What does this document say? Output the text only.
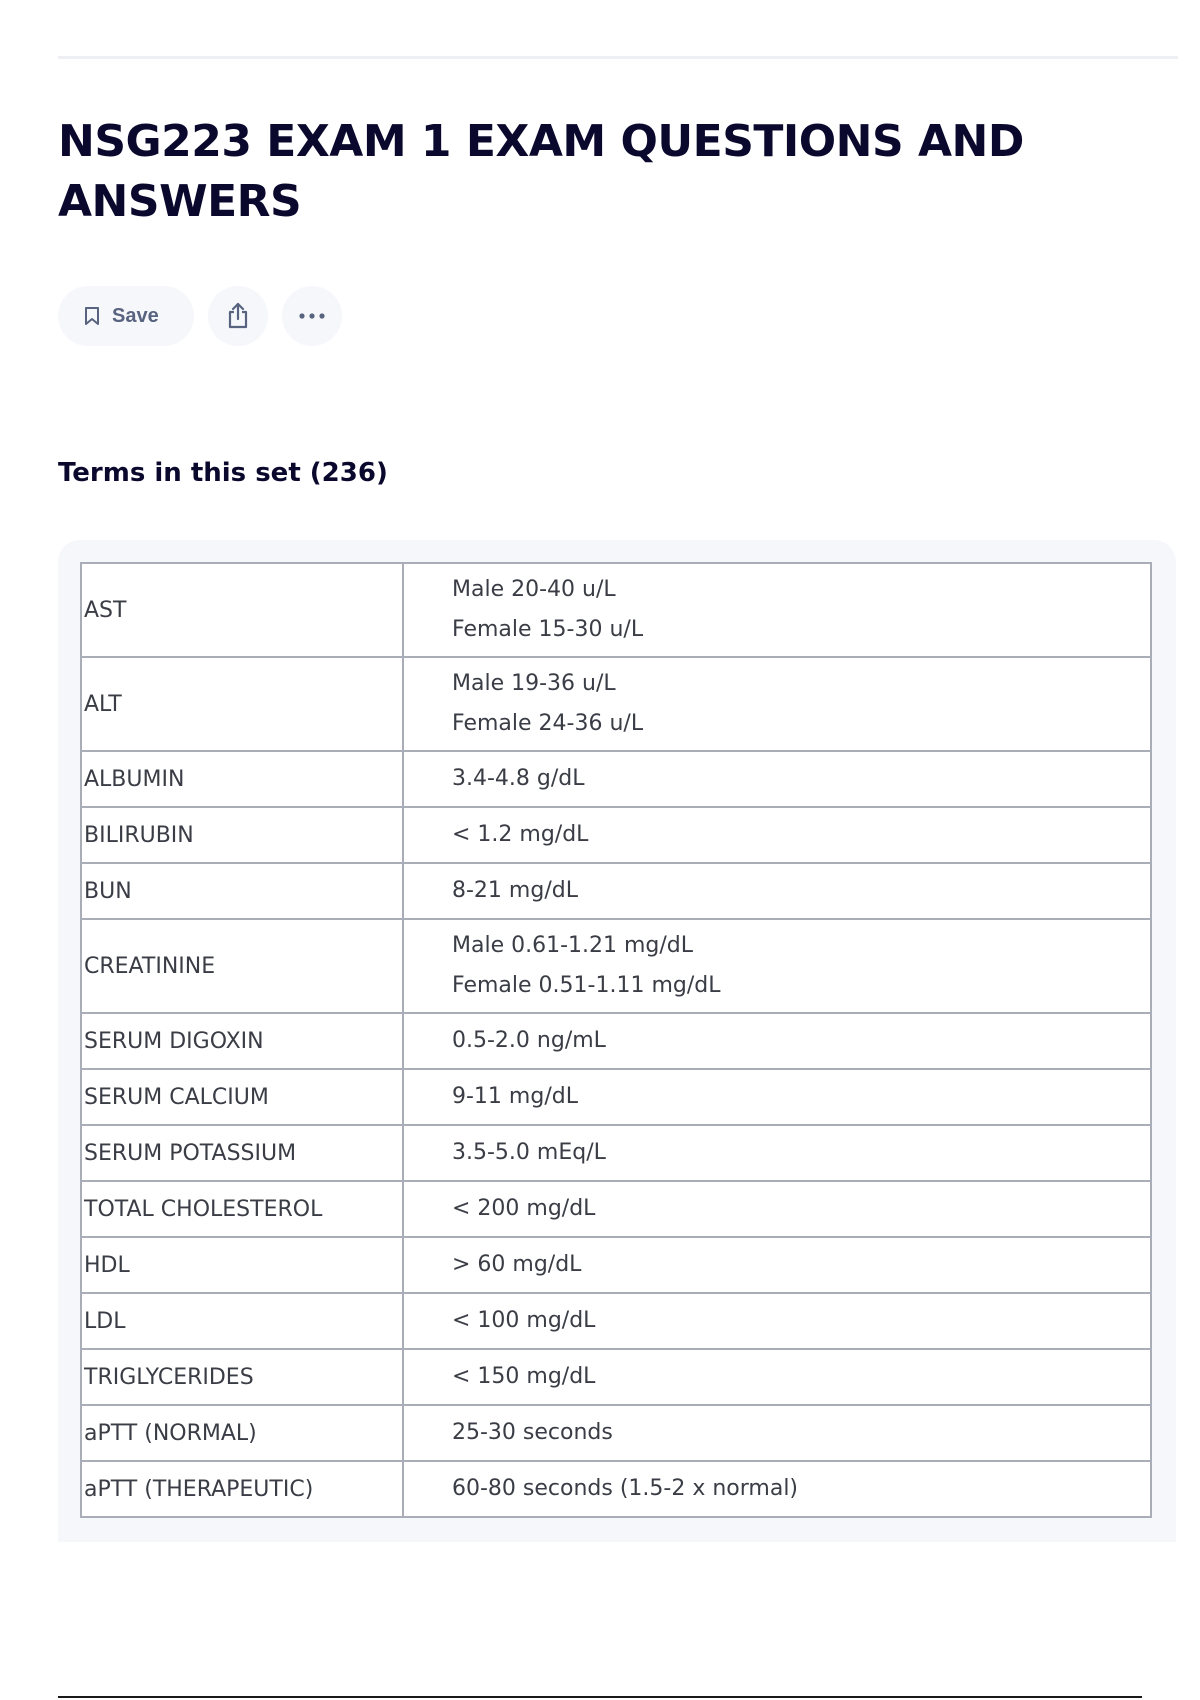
NSG223 EXAM 1 EXAM QUESTIONS AND ANSWERS
Save
Terms in this set (236)
AST	Male 20-40 u/L
Female 15-30 u/L

ALT	Male 19-36 u/L
Female 24-36 u/L

ALBUMIN	3.4-4.8 g/dL

BILIRUBIN	< 1.2 mg/dL

BUN	8-21 mg/dL

CREATININE	Male 0.61-1.21 mg/dL
Female 0.51-1.11 mg/dL

SERUM DIGOXIN	0.5-2.0 ng/mL

SERUM CALCIUM	9-11 mg/dL

SERUM POTASSIUM	3.5-5.0 mEq/L

TOTAL CHOLESTEROL	< 200 mg/dL

HDL	> 60 mg/dL

LDL	< 100 mg/dL

TRIGLYCERIDES	< 150 mg/dL

aPTT (NORMAL)	25-30 seconds

aPTT (THERAPEUTIC)	60-80 seconds (1.5-2 x normal)
